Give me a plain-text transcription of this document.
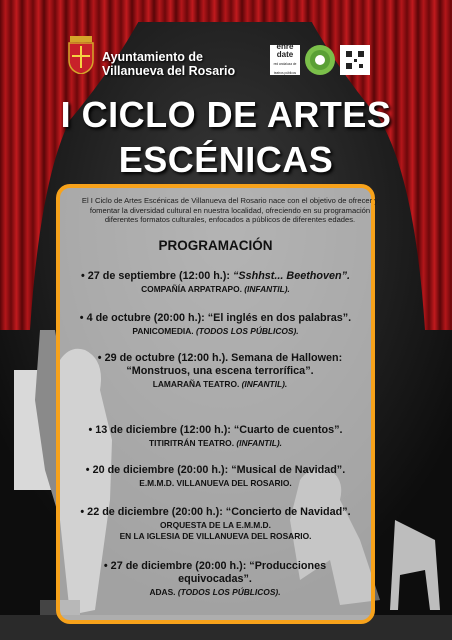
Ayuntamiento de
Villanueva del Rosario
enre date
red andaluza de teatros públicos
I CICLO DE ARTES
ESCÉNICAS
El I Ciclo de Artes Escénicas de Villanueva del Rosario nace con el objetivo de ofrecer y fomentar la diversidad cultural en nuestra localidad, ofreciendo en su programación diferentes formatos culturales, enfocados a públicos de diferentes edades.
PROGRAMACIÓN
• 27 de septiembre (12:00 h.): “Sshhst... Beethoven”.
COMPAÑÍA ARPATRAPO. (INFANTIL).
• 4 de octubre (20:00 h.): “El inglés en dos palabras”.
PANICOMEDIA. (TODOS LOS PÚBLICOS).
• 29 de octubre (12:00 h.). Semana de Hallowen: “Monstruos, una escena terrorífica”.
LAMARAÑA TEATRO. (INFANTIL).
• 13 de diciembre (12:00 h.): “Cuarto de cuentos”.
TITIRITRÁN TEATRO. (INFANTIL).
• 20 de diciembre (20:00 h.): “Musical de Navidad”.
E.M.M.D. VILLANUEVA DEL ROSARIO.
• 22 de diciembre (20:00 h.): “Concierto de Navidad”.
ORQUESTA DE LA E.M.M.D.
EN LA IGLESIA DE VILLANUEVA DEL ROSARIO.
• 27 de diciembre (20:00 h.): “Producciones equivocadas”.
ADAS. (TODOS LOS PÚBLICOS).
